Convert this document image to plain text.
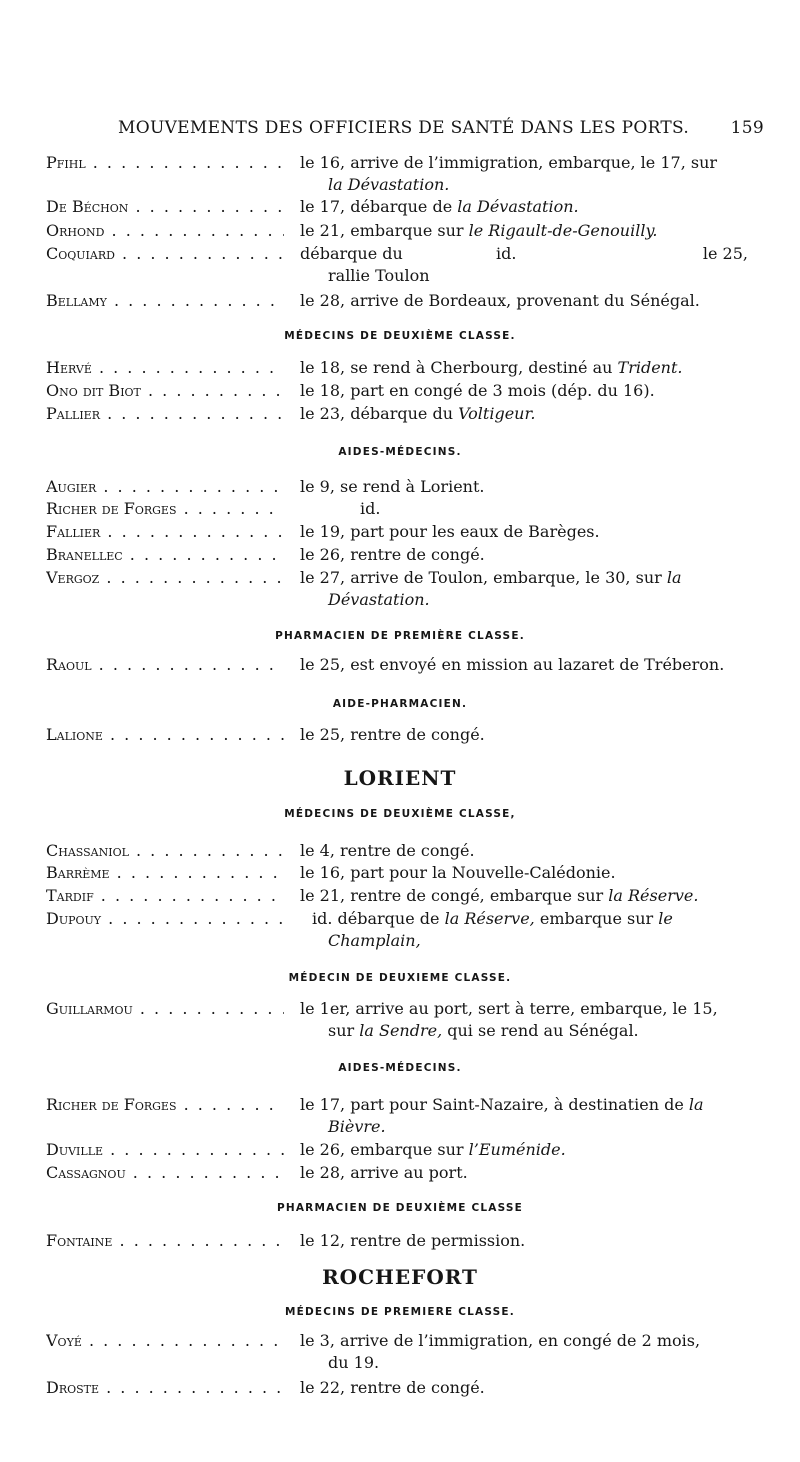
MOUVEMENTS DES OFFICIERS DE SANTÉ DANS LES PORTS. 159
Pfihl . . .	le 16, arrive de l’immigration, embarque, le 17, sur
la Dévastation.
De Béchon . . .	le 17, débarque de la Dévastation.
Orhond . . .	le 21, embarque sur le Rigault-de-Genouilly.
Coquiard . . .	débarque du	id.	le 25,
rallie Toulon
Bellamy . . .	le 28, arrive de Bordeaux, provenant du Sénégal.
MÉDECINS DE DEUXIÈME CLASSE.
Hervé . . .	le 18, se rend à Cherbourg, destiné au Trident.
Ono dit Biot . . .	le 18, part en congé de 3 mois (dép. du 16).
Pallier . . .	le 23, débarque du Voltigeur.
AIDES-MÉDECINS.
Augier . . .	le 9, se rend à Lorient.
Richer de Forges . . .	id.
Fallier . . .	le 19, part pour les eaux de Barèges.
Branellec . . .	le 26, rentre de congé.
Vergoz . . .	le 27, arrive de Toulon, embarque, le 30, sur la
Dévastation.
PHARMACIEN DE PREMIÈRE CLASSE.
Raoul . . .	le 25, est envoyé en mission au lazaret de Tréberon.
AIDE-PHARMACIEN.
Lalione . . .	le 25, rentre de congé.
LORIENT
MÉDECINS DE DEUXIÈME CLASSE,
Chassaniol . . .	le 4, rentre de congé.
Barrème . . .	le 16, part pour la Nouvelle-Calédonie.
Tardif . . .	le 21, rentre de congé, embarque sur la Réserve.
Dupouy . . .	id. débarque de la Réserve, embarque sur le
Champlain,
MÉDECIN DE DEUXIEME CLASSE.
Guillarmou . . .	le 1er, arrive au port, sert à terre, embarque, le 15,
sur la Sendre, qui se rend au Sénégal.
AIDES-MÉDECINS.
Richer de Forges . . .	le 17, part pour Saint-Nazaire, à destinatien de la
Bièvre.
Duville . . .	le 26, embarque sur l’Euménide.
Cassagnou . . .	le 28, arrive au port.
PHARMACIEN DE DEUXIÈME CLASSE
Fontaine . . .	le 12, rentre de permission.
ROCHEFORT
MÉDECINS DE PREMIERE CLASSE.
Voyé . . .	le 3, arrive de l’immigration, en congé de 2 mois,
du 19.
Droste . . .	le 22, rentre de congé.
